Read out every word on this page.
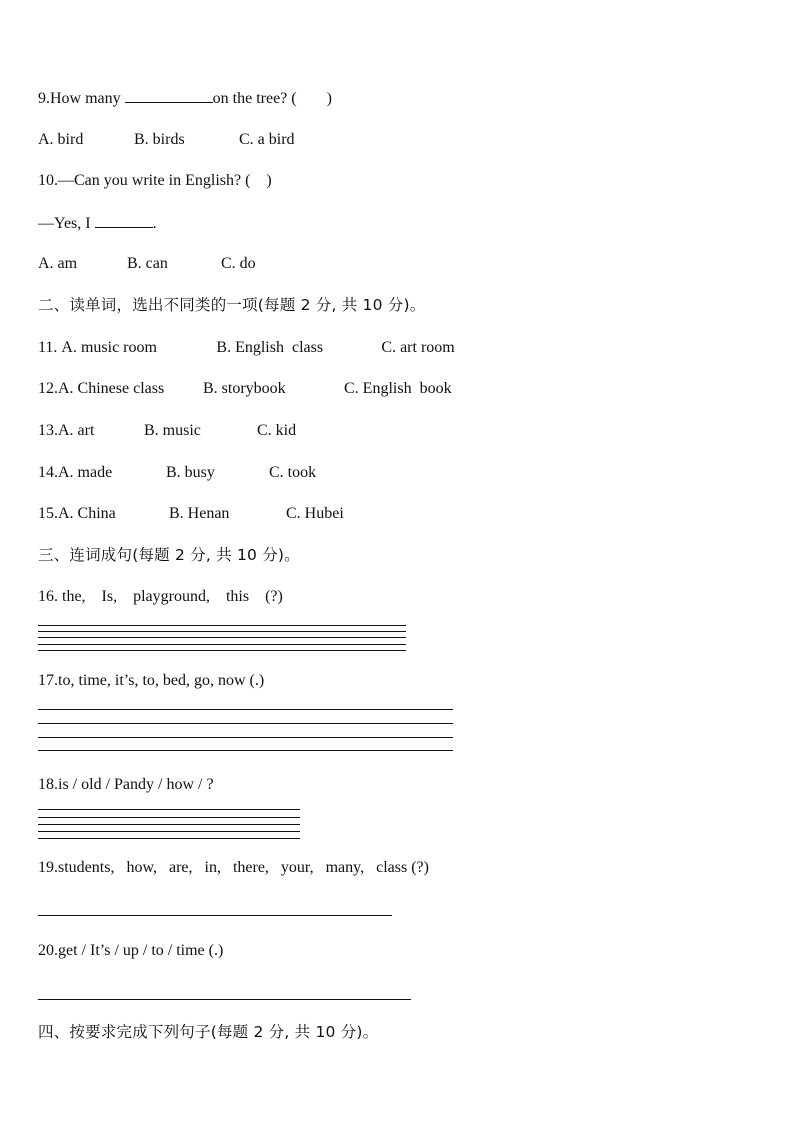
9.How many	on the tree? ( )
A. bird	B. birds	C. a bird
10.—Can you write in English? ( )
—Yes, I	.
A. am	B. can	C. do
二、读单词，选出不同类的一项(每题 2 分, 共 10 分)。
11. A. music room	B. English  class	C. art room
12.A. Chinese class B. storybook	C. English  book
13.A. art	B. music	C. kid
14.A. made	B. busy	C. took
15.A. China	B. Henan	C. Hubei
三、连词成句(每题 2 分, 共 10 分)。
16. the,    Is,    playground,    this    (?)
17.to, time, it’s, to, bed, go, now (.)
18.is / old / Pandy / how / ?
19.students,   how,   are,   in,   there,   your,   many,   class (?)
20.get / It’s / up / to / time (.)
四、按要求完成下列句子(每题 2 分, 共 10 分)。
